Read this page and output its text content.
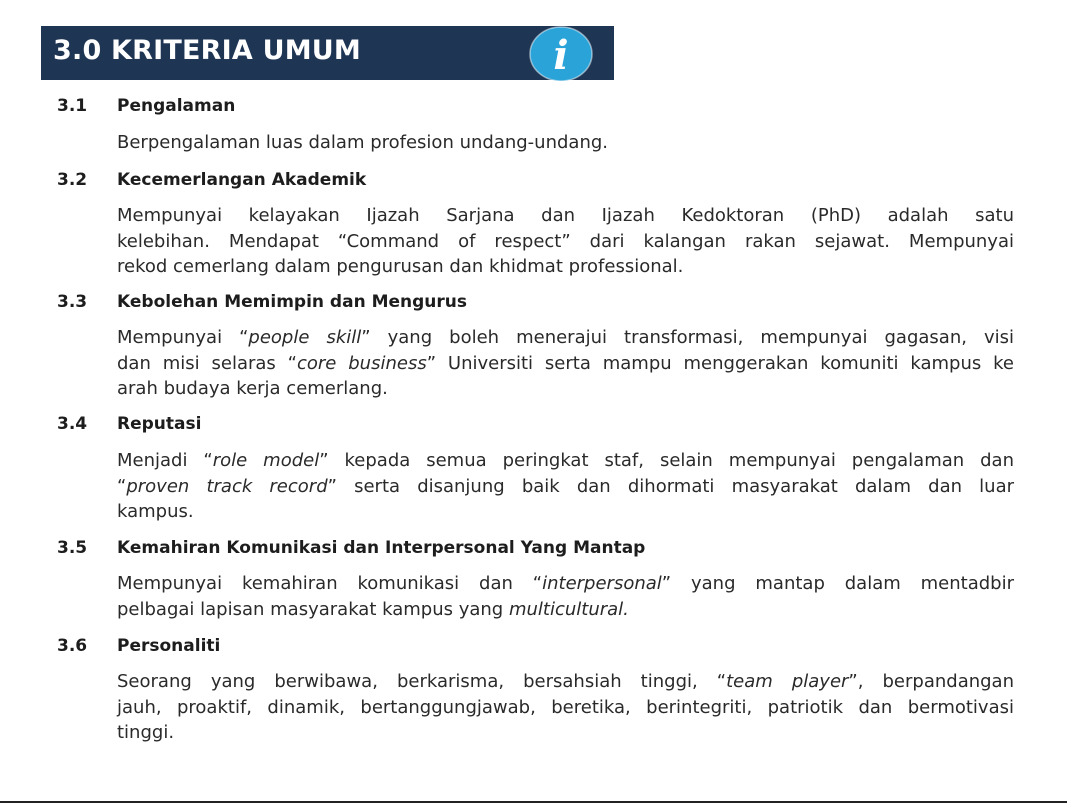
3.0 KRITERIA UMUM	i
3.1 Pengalaman
Berpengalaman luas dalam profesion undang-undang.
3.2 Kecemerlangan Akademik
Mempunyai kelayakan Ijazah Sarjana dan Ijazah Kedoktoran (PhD) adalah satu
kelebihan. Mendapat “Command of respect” dari kalangan rakan sejawat. Mempunyai
rekod cemerlang dalam pengurusan dan khidmat professional.
3.3 Kebolehan Memimpin dan Mengurus
Mempunyai “people skill” yang boleh menerajui transformasi, mempunyai gagasan, visi
dan misi selaras “core business” Universiti serta mampu menggerakan komuniti kampus ke
arah budaya kerja cemerlang.
3.4 Reputasi
Menjadi “role model” kepada semua peringkat staf, selain mempunyai pengalaman dan
“proven track record” serta disanjung baik dan dihormati masyarakat dalam dan luar
kampus.
3.5 Kemahiran Komunikasi dan Interpersonal Yang Mantap
Mempunyai kemahiran komunikasi dan “interpersonal” yang mantap dalam mentadbir
pelbagai lapisan masyarakat kampus yang multicultural.
3.6 Personaliti
Seorang yang berwibawa, berkarisma, bersahsiah tinggi, “team player”, berpandangan
jauh, proaktif, dinamik, bertanggungjawab, beretika, berintegriti, patriotik dan bermotivasi
tinggi.
